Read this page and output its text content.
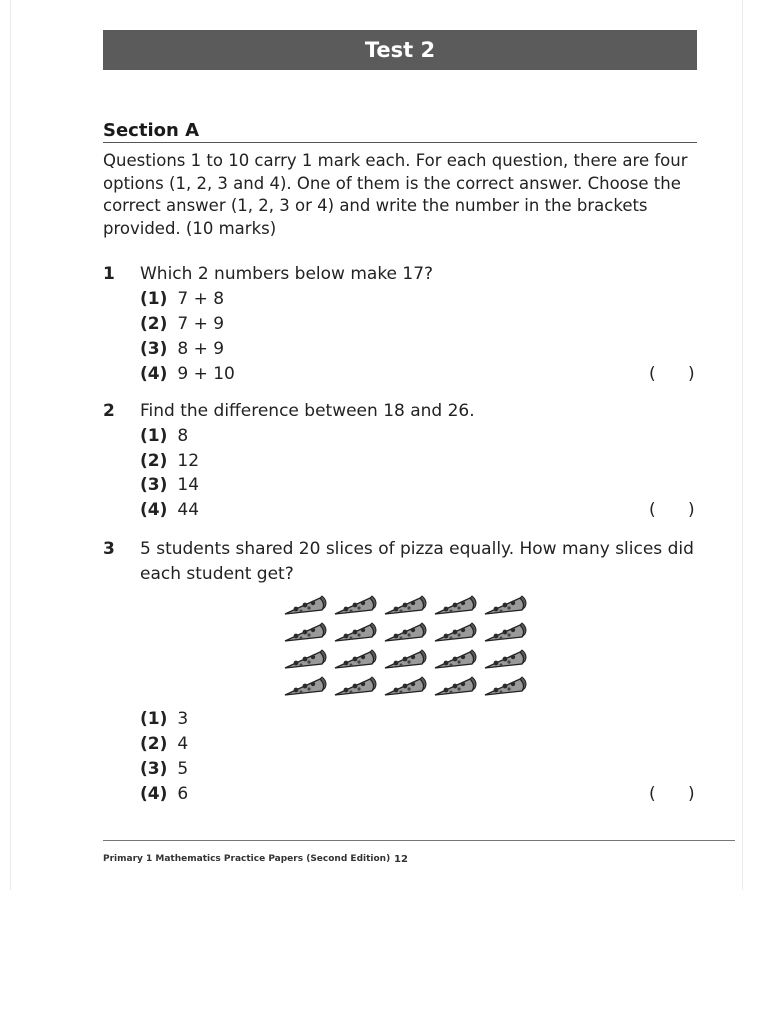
Test 2
Section A

Questions 1 to 10 carry 1 mark each. For each question, there are four options (1, 2, 3 and 4). One of them is the correct answer. Choose the correct answer (1, 2, 3 or 4) and write the number in the brackets provided. (10 marks)

1 Which 2 numbers below make 17?

(1) 7 + 8
(2) 7 + 9
(3) 8 + 9
(4) 9 + 10	(      )
2 Find the difference between 18 and 26.

(1) 8
(2) 12
(3) 14
(4) 44	(      )
3 5 students shared 20 slices of pizza equally. How many slices did each student get?

(1) 3
(2) 4
(3) 5
(4) 6	(      )
Primary 1 Mathematics Practice Papers (Second Edition) 12
